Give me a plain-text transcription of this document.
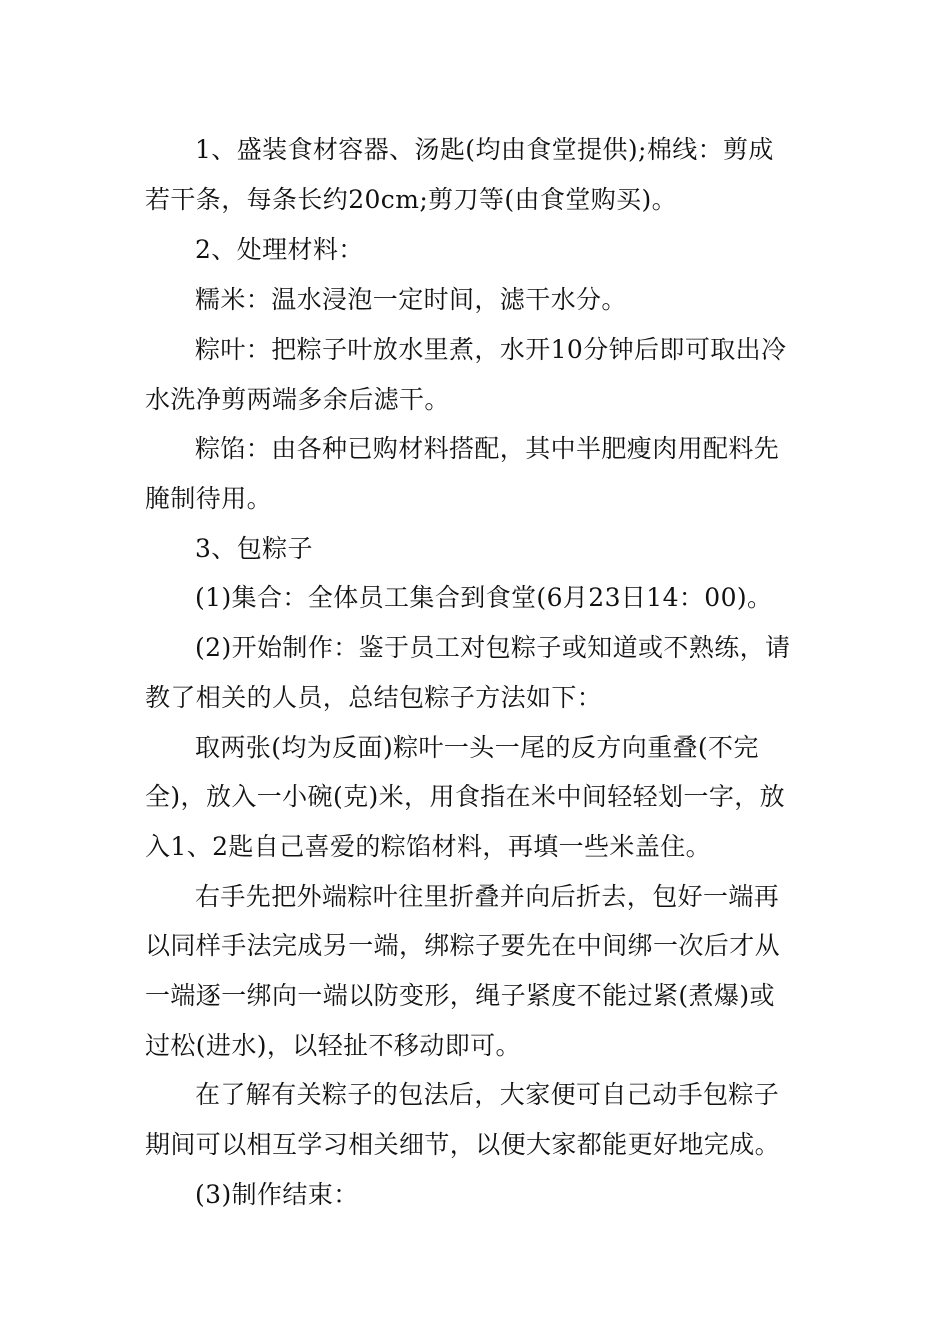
1、盛装食材容器、汤匙(均由食堂提供);棉线：剪成
若干条，每条长约20cm;剪刀等(由食堂购买)。
2、处理材料：
糯米：温水浸泡一定时间，滤干水分。
粽叶：把粽子叶放水里煮，水开10分钟后即可取出冷
水洗净剪两端多余后滤干。
粽馅：由各种已购材料搭配，其中半肥瘦肉用配料先
腌制待用。
3、包粽子
(1)集合：全体员工集合到食堂(6月23日14：00)。
(2)开始制作：鉴于员工对包粽子或知道或不熟练，请
教了相关的人员，总结包粽子方法如下：
取两张(均为反面)粽叶一头一尾的反方向重叠(不完
全)，放入一小碗(克)米，用食指在米中间轻轻划一字，放
入1、2匙自己喜爱的粽馅材料，再填一些米盖住。
右手先把外端粽叶往里折叠并向后折去，包好一端再
以同样手法完成另一端，绑粽子要先在中间绑一次后才从
一端逐一绑向一端以防变形，绳子紧度不能过紧(煮爆)或
过松(进水)，以轻扯不移动即可。
在了解有关粽子的包法后，大家便可自己动手包粽子
期间可以相互学习相关细节，以便大家都能更好地完成。
(3)制作结束：
